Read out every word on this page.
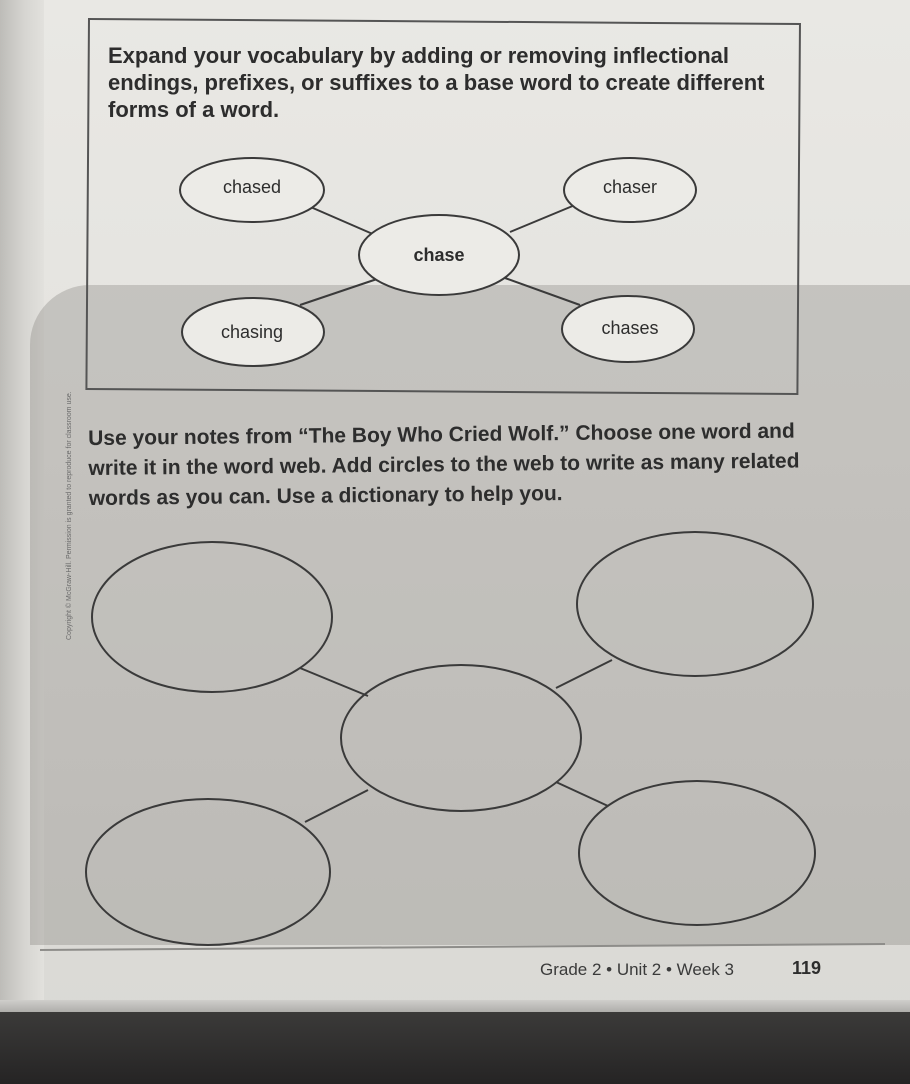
Expand your vocabulary by adding or removing inflectional endings, prefixes, or suffixes to a base word to create different forms of a word.

chased	chaser
chase
chasing	chases

Use your notes from “The Boy Who Cried Wolf.” Choose one word and write it in the word web. Add circles to the web to write as many related words as you can. Use a dictionary to help you.

Copyright © McGraw-Hill. Permission is granted to reproduce for classroom use.
Grade 2 • Unit 2 • Week 3	119
